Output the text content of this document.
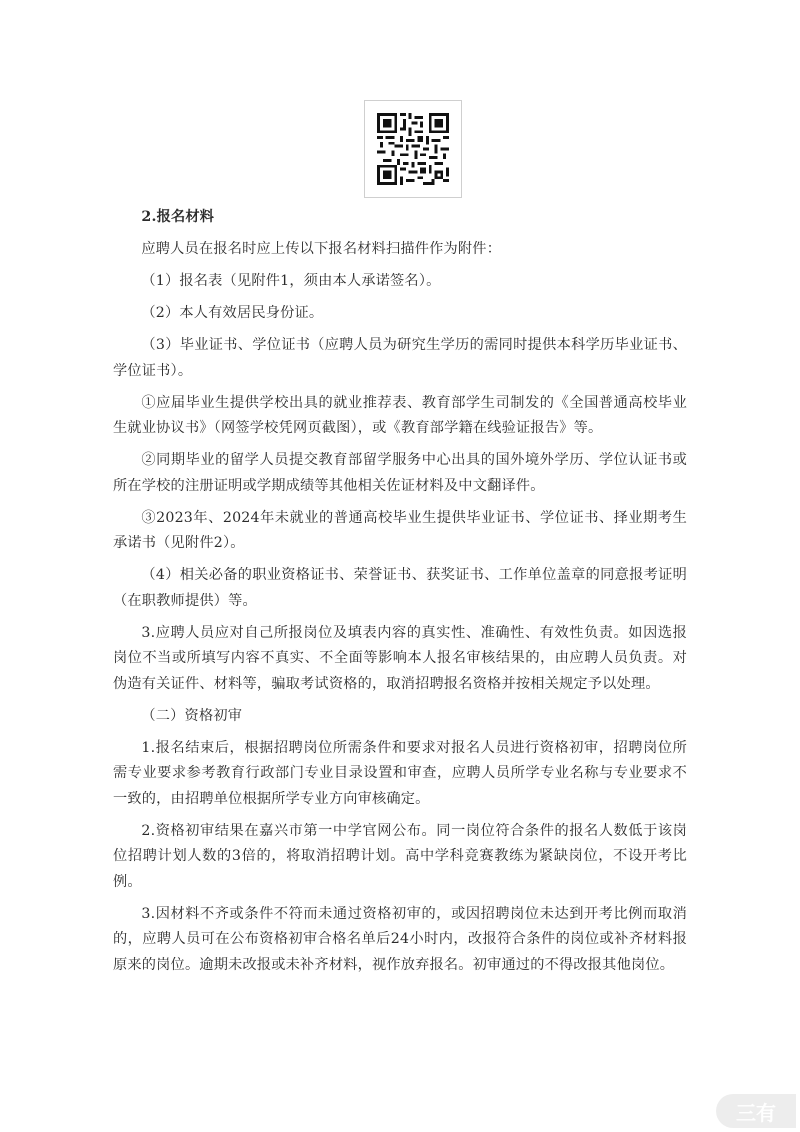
2.报名材料

应聘人员在报名时应上传以下报名材料扫描件作为附件：

（1）报名表（见附件1，须由本人承诺签名）。

（2）本人有效居民身份证。

（3）毕业证书、学位证书（应聘人员为研究生学历的需同时提供本科学历毕业证书、学位证书）。

①应届毕业生提供学校出具的就业推荐表、教育部学生司制发的《全国普通高校毕业生就业协议书》（网签学校凭网页截图），或《教育部学籍在线验证报告》等。

②同期毕业的留学人员提交教育部留学服务中心出具的国外境外学历、学位认证书或所在学校的注册证明或学期成绩等其他相关佐证材料及中文翻译件。

③2023年、2024年未就业的普通高校毕业生提供毕业证书、学位证书、择业期考生承诺书（见附件2）。

（4）相关必备的职业资格证书、荣誉证书、获奖证书、工作单位盖章的同意报考证明（在职教师提供）等。

3.应聘人员应对自己所报岗位及填表内容的真实性、准确性、有效性负责。如因选报岗位不当或所填写内容不真实、不全面等影响本人报名审核结果的，由应聘人员负责。对伪造有关证件、材料等，骗取考试资格的，取消招聘报名资格并按相关规定予以处理。

（二）资格初审

1.报名结束后，根据招聘岗位所需条件和要求对报名人员进行资格初审，招聘岗位所需专业要求参考教育行政部门专业目录设置和审查，应聘人员所学专业名称与专业要求不一致的，由招聘单位根据所学专业方向审核确定。

2.资格初审结果在嘉兴市第一中学官网公布。同一岗位符合条件的报名人数低于该岗位招聘计划人数的3倍的，将取消招聘计划。高中学科竞赛教练为紧缺岗位，不设开考比例。

3.因材料不齐或条件不符而未通过资格初审的，或因招聘岗位未达到开考比例而取消的，应聘人员可在公布资格初审合格名单后24小时内，改报符合条件的岗位或补齐材料报原来的岗位。逾期未改报或未补齐材料，视作放弃报名。初审通过的不得改报其他岗位。

三有
